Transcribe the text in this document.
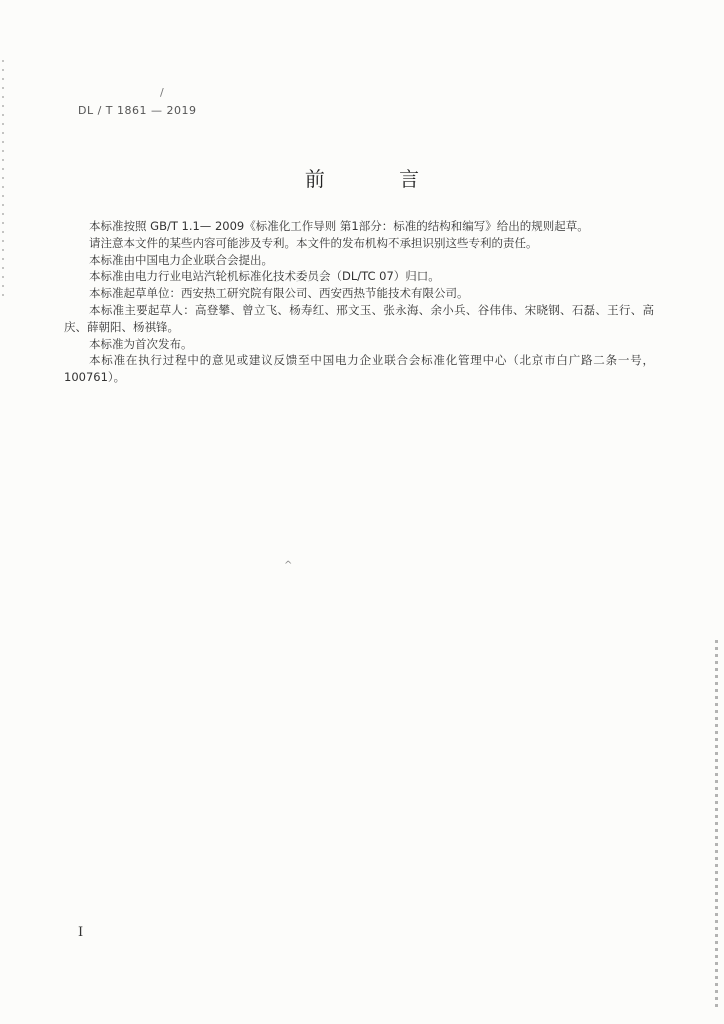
/
DL / T 1861 — 2019
前 言

本标准按照 GB/T 1.1— 2009《标准化工作导则 第1部分：标准的结构和编写》给出的规则起草。

请注意本文件的某些内容可能涉及专利。本文件的发布机构不承担识别这些专利的责任。

本标准由中国电力企业联合会提出。

本标准由电力行业电站汽轮机标准化技术委员会（DL/TC 07）归口。

本标准起草单位：西安热工研究院有限公司、西安西热节能技术有限公司。

本标准主要起草人：高登攀、曾立飞、杨寿红、邢文玉、张永海、余小兵、谷伟伟、宋晓钢、石磊、王行、高庆、薛朝阳、杨祺锋。

本标准为首次发布。

本标准在执行过程中的意见或建议反馈至中国电力企业联合会标准化管理中心（北京市白广路二条一号，100761）。

^
I
